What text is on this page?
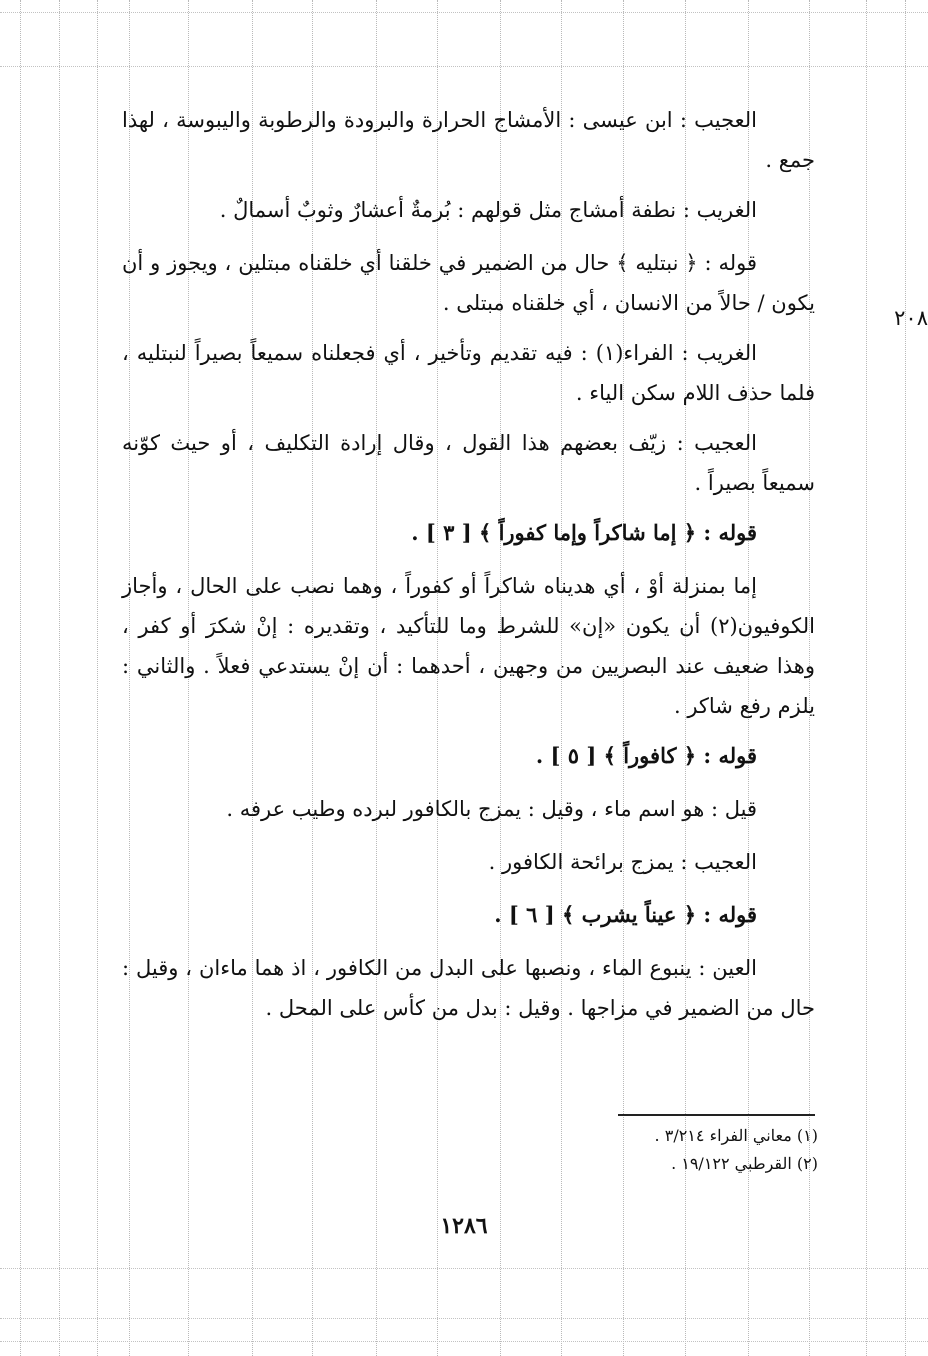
العجيب : ابن عيسى : الأمشاج الحرارة والبرودة والرطوبة واليبوسة ، لهذا جمع .

الغريب : نطفة أمشاج مثل قولهم : بُرمةٌ أعشارٌ وثوبٌ أسمالٌ .

قوله : ﴿ نبتليه ﴾ حال من الضمير في خلقنا أي خلقناه مبتلين ، ويجوز و أن يكون / حالاً من الانسان ، أي خلقناه مبتلى .

الغريب : الفراء(١) : فيه تقديم وتأخير ، أي فجعلناه سميعاً بصيراً لنبتليه ، فلما حذف اللام سكن الياء .

العجيب : زيّف بعضهم هذا القول ، وقال إرادة التكليف ، أو حيث كوّنه سميعاً بصيراً .

قوله : ﴿ إما شاكراً وإما كفوراً ﴾ [ ٣ ] .

إما بمنزلة أوْ ، أي هديناه شاكراً أو كفوراً ، وهما نصب على الحال ، وأجاز الكوفيون(٢) أن يكون «إن» للشرط وما للتأكيد ، وتقديره : إنْ شكرَ أو كفر ، وهذا ضعيف عند البصريين من وجهين ، أحدهما : أن إنْ يستدعي فعلاً . والثاني : يلزم رفع شاكر .

قوله : ﴿ كافوراً ﴾ [ ٥ ] .

قيل : هو اسم ماء ، وقيل : يمزج بالكافور لبرده وطيب عرفه .

العجيب : يمزج برائحة الكافور .

قوله : ﴿ عيناً يشرب ﴾ [ ٦ ] .

العين : ينبوع الماء ، ونصبها على البدل من الكافور ، اذ هما ماءان ، وقيل : حال من الضمير في مزاجها . وقيل : بدل من كأس على المحل .

٢٠٨
(١) معاني الفراء ٣/٢١٤ .
(٢) القرطبي ١٩/١٢٢ .
١٢٨٦
